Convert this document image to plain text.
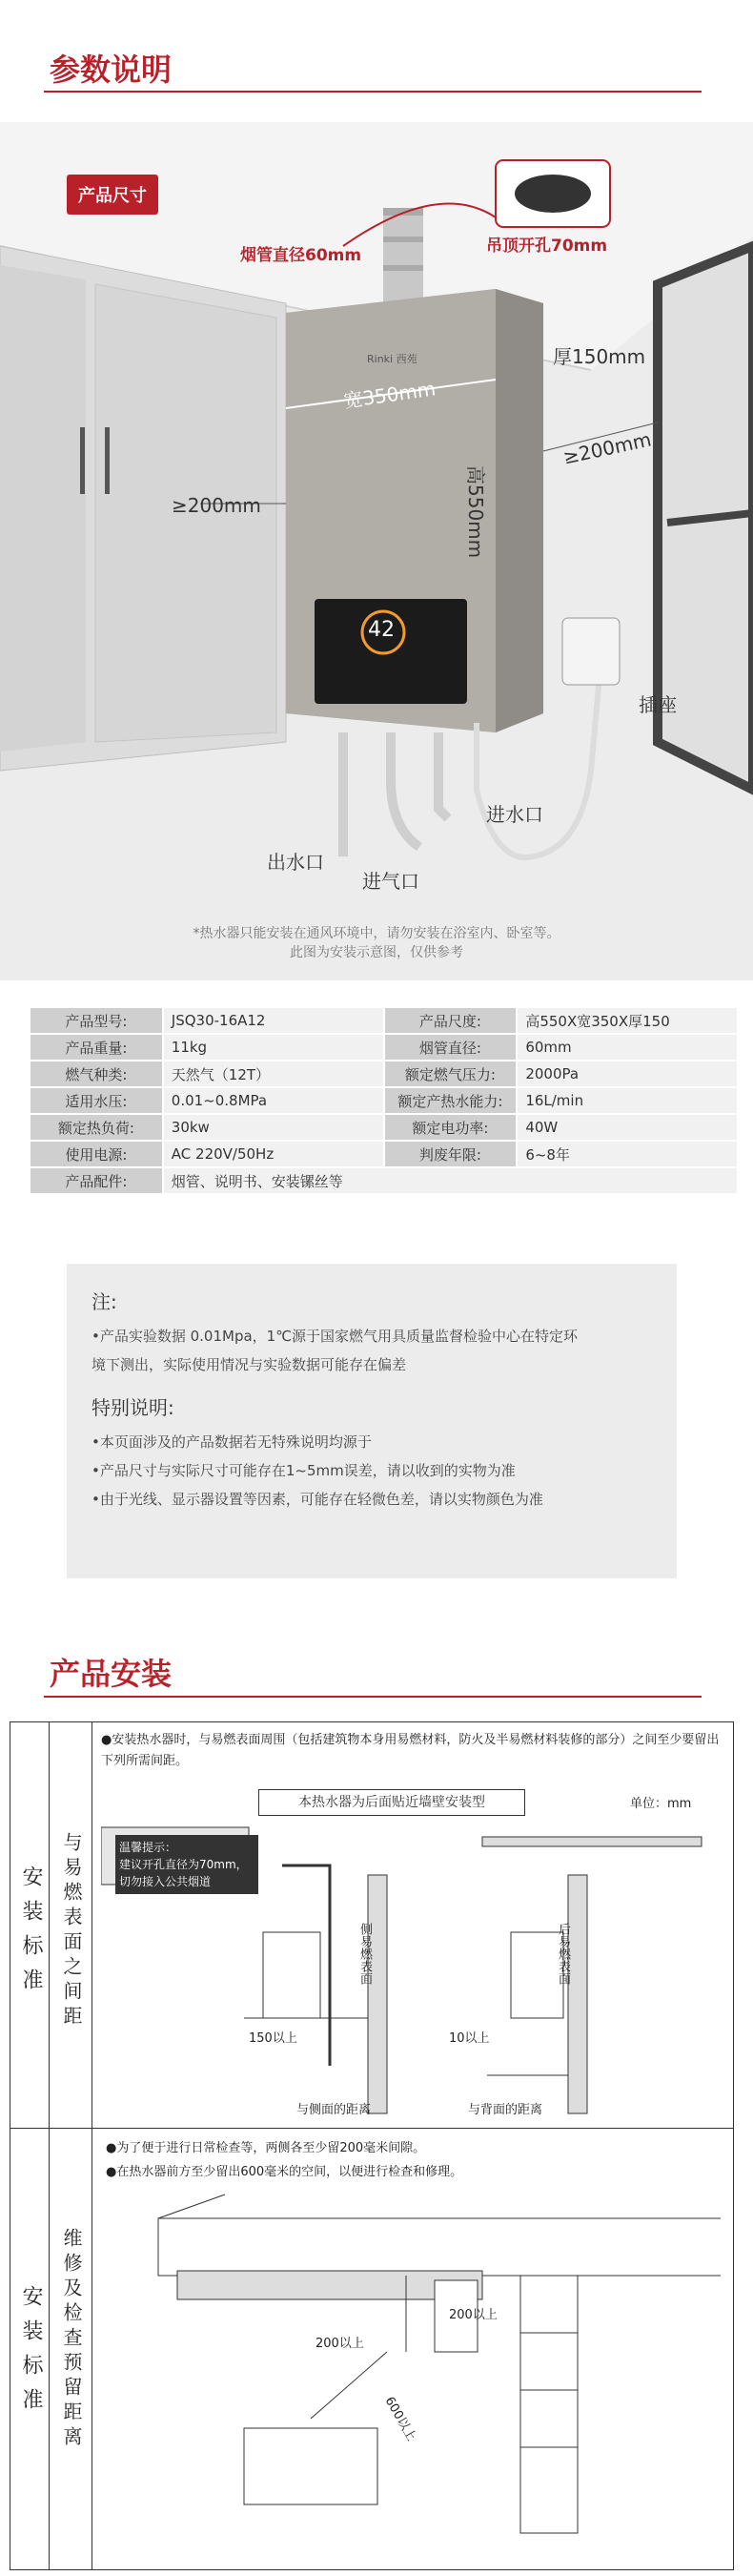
参数说明
产品尺寸
烟管直径60mm	吊顶开孔70mm
厚150mm
宽350mm
高550mm
≥200mm
≥200mm
插座
出水口
进气口
进水口
42
Rinki 西苑
*热水器只能安装在通风环境中，请勿安装在浴室内、卧室等。
此图为安装示意图，仅供参考
产品型号:	JSQ30-16A12	产品尺度:	高550X宽350X厚150
产品重量:	11kg	烟管直径:	60mm
燃气种类:	天然气（12T）	额定燃气压力:	2000Pa
适用水压:	0.01~0.8MPa	额定产热水能力:	16L/min
额定热负荷:	30kw	额定电功率:	40W
使用电源:	AC 220V/50Hz	判废年限:	6~8年
产品配件:	烟管、说明书、安装镙丝等		
注:

•产品实验数据 0.01Mpa，1℃源于国家燃气用具质量监督检验中心在特定环

境下测出，实际使用情况与实验数据可能存在偏差

特别说明:

•本页面涉及的产品数据若无特殊说明均源于

•产品尺寸与实际尺寸可能存在1~5mm误差，请以收到的实物为准

•由于光线、显示器设置等因素，可能存在轻微色差，请以实物颜色为准

产品安装
安装标准 与易燃表面之间距
●安装热水器时，与易燃表面周围（包括建筑物本身用易燃材料，防火及半易燃材料装修的部分）之间至少要留出下列所需间距。
本热水器为后面贴近墙壁安装型	单位：mm
温馨提示：
建议开孔直径为70mm，切勿接入公共烟道
侧易燃表面	后易燃表面
150以上	10以上
与侧面的距离	与背面的距离
安装标准 维修及检查预留距离
●为了便于进行日常检查等，两侧各至少留200毫米间隙。
●在热水器前方至少留出600毫米的空间，以便进行检查和修理。
200以上
200以上
600以上
